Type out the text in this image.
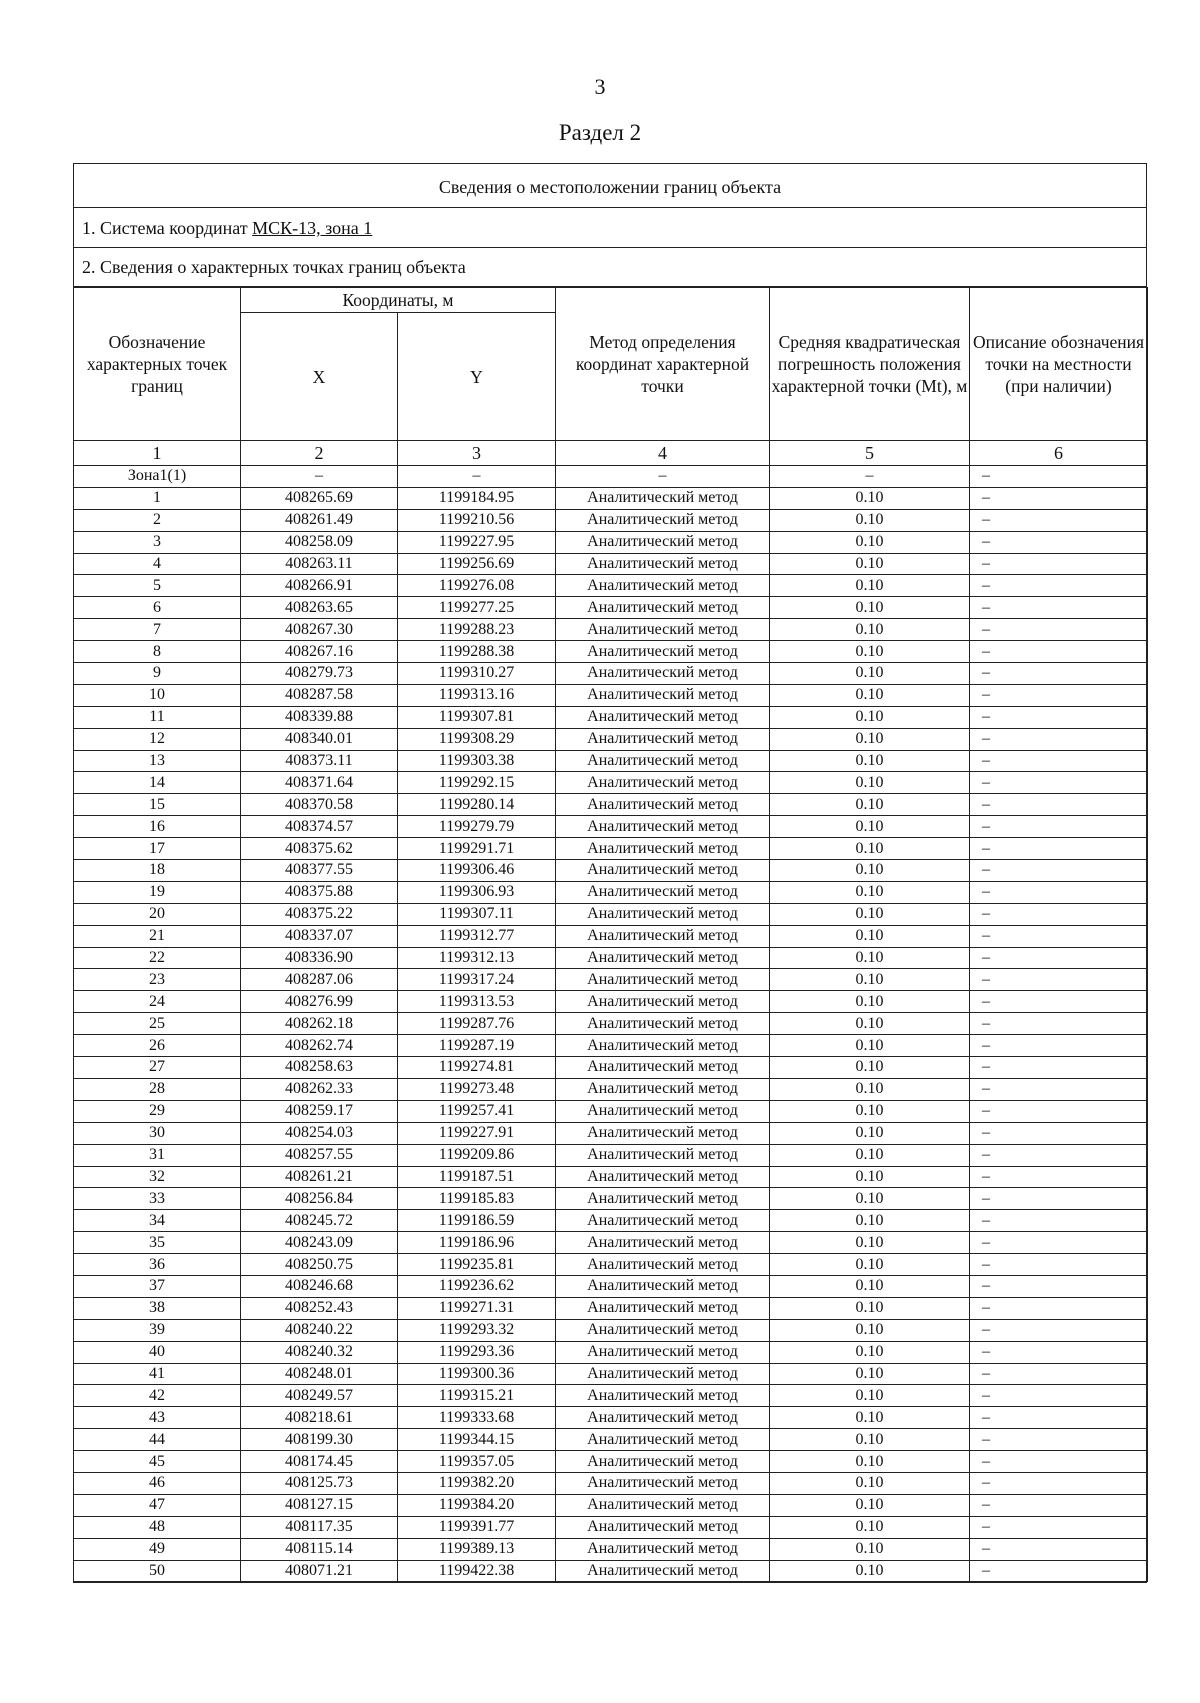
3
Раздел 2
Сведения о местоположении границ объекта
1. Система координат МСК-13, зона 1
2. Сведения о характерных точках границ объекта
Обозначение характерных точек границ	Координаты, м		Метод определения координат характерной точки	Средняя квадратическая погрешность положения характерной точки (Mt), м	Описание обозначения точки на местности (при наличии)
	X	Y			
1	2	3	4	5	6
Зона1(1)	–	–	–	–	–
1	408265.69	1199184.95	Аналитический метод	0.10	–
2	408261.49	1199210.56	Аналитический метод	0.10	–
3	408258.09	1199227.95	Аналитический метод	0.10	–
4	408263.11	1199256.69	Аналитический метод	0.10	–
5	408266.91	1199276.08	Аналитический метод	0.10	–
6	408263.65	1199277.25	Аналитический метод	0.10	–
7	408267.30	1199288.23	Аналитический метод	0.10	–
8	408267.16	1199288.38	Аналитический метод	0.10	–
9	408279.73	1199310.27	Аналитический метод	0.10	–
10	408287.58	1199313.16	Аналитический метод	0.10	–
11	408339.88	1199307.81	Аналитический метод	0.10	–
12	408340.01	1199308.29	Аналитический метод	0.10	–
13	408373.11	1199303.38	Аналитический метод	0.10	–
14	408371.64	1199292.15	Аналитический метод	0.10	–
15	408370.58	1199280.14	Аналитический метод	0.10	–
16	408374.57	1199279.79	Аналитический метод	0.10	–
17	408375.62	1199291.71	Аналитический метод	0.10	–
18	408377.55	1199306.46	Аналитический метод	0.10	–
19	408375.88	1199306.93	Аналитический метод	0.10	–
20	408375.22	1199307.11	Аналитический метод	0.10	–
21	408337.07	1199312.77	Аналитический метод	0.10	–
22	408336.90	1199312.13	Аналитический метод	0.10	–
23	408287.06	1199317.24	Аналитический метод	0.10	–
24	408276.99	1199313.53	Аналитический метод	0.10	–
25	408262.18	1199287.76	Аналитический метод	0.10	–
26	408262.74	1199287.19	Аналитический метод	0.10	–
27	408258.63	1199274.81	Аналитический метод	0.10	–
28	408262.33	1199273.48	Аналитический метод	0.10	–
29	408259.17	1199257.41	Аналитический метод	0.10	–
30	408254.03	1199227.91	Аналитический метод	0.10	–
31	408257.55	1199209.86	Аналитический метод	0.10	–
32	408261.21	1199187.51	Аналитический метод	0.10	–
33	408256.84	1199185.83	Аналитический метод	0.10	–
34	408245.72	1199186.59	Аналитический метод	0.10	–
35	408243.09	1199186.96	Аналитический метод	0.10	–
36	408250.75	1199235.81	Аналитический метод	0.10	–
37	408246.68	1199236.62	Аналитический метод	0.10	–
38	408252.43	1199271.31	Аналитический метод	0.10	–
39	408240.22	1199293.32	Аналитический метод	0.10	–
40	408240.32	1199293.36	Аналитический метод	0.10	–
41	408248.01	1199300.36	Аналитический метод	0.10	–
42	408249.57	1199315.21	Аналитический метод	0.10	–
43	408218.61	1199333.68	Аналитический метод	0.10	–
44	408199.30	1199344.15	Аналитический метод	0.10	–
45	408174.45	1199357.05	Аналитический метод	0.10	–
46	408125.73	1199382.20	Аналитический метод	0.10	–
47	408127.15	1199384.20	Аналитический метод	0.10	–
48	408117.35	1199391.77	Аналитический метод	0.10	–
49	408115.14	1199389.13	Аналитический метод	0.10	–
50	408071.21	1199422.38	Аналитический метод	0.10	–
